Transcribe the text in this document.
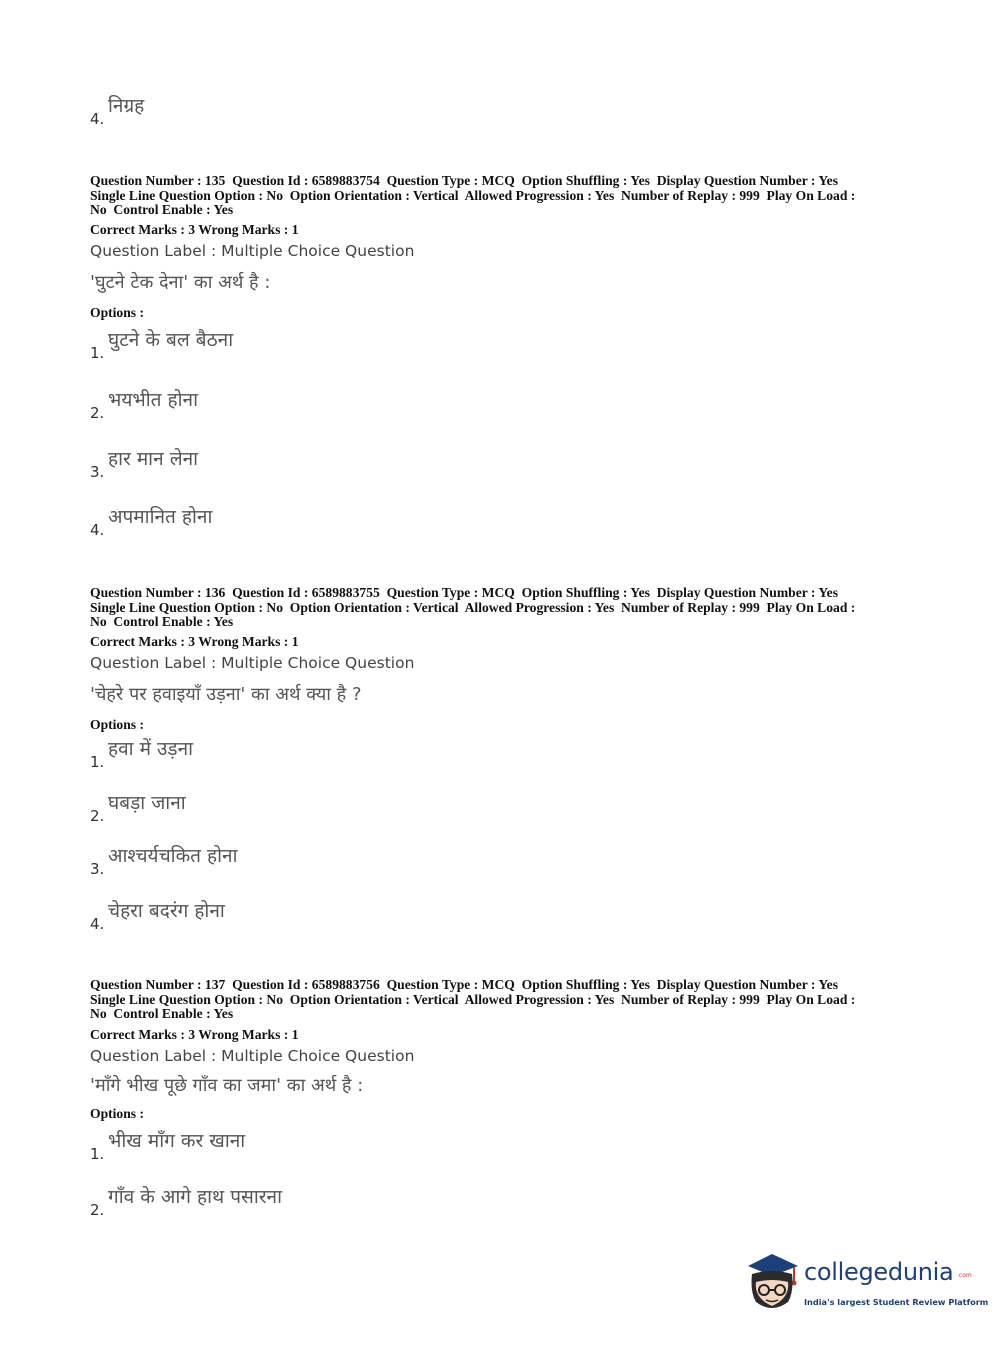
4.
निग्रह
Question Number : 135  Question Id : 6589883754  Question Type : MCQ  Option Shuffling : Yes  Display Question Number : Yes
Single Line Question Option : No  Option Orientation : Vertical  Allowed Progression : Yes  Number of Replay : 999  Play On Load :
No  Control Enable : Yes
Correct Marks : 3 Wrong Marks : 1
Question Label : Multiple Choice Question
'घुटने टेक देना' का अर्थ है :
Options :
1.
घुटने के बल बैठना
2.
भयभीत होना
3.
हार मान लेना
4.
अपमानित होना
Question Number : 136  Question Id : 6589883755  Question Type : MCQ  Option Shuffling : Yes  Display Question Number : Yes
Single Line Question Option : No  Option Orientation : Vertical  Allowed Progression : Yes  Number of Replay : 999  Play On Load :
No  Control Enable : Yes
Correct Marks : 3 Wrong Marks : 1
Question Label : Multiple Choice Question
'चेहरे पर हवाइयाँ उड़ना' का अर्थ क्या है ?
Options :
1.
हवा में उड़ना
2.
घबड़ा जाना
3.
आश्चर्यचकित होना
4.
चेहरा बदरंग होना
Question Number : 137  Question Id : 6589883756  Question Type : MCQ  Option Shuffling : Yes  Display Question Number : Yes
Single Line Question Option : No  Option Orientation : Vertical  Allowed Progression : Yes  Number of Replay : 999  Play On Load :
No  Control Enable : Yes
Correct Marks : 3 Wrong Marks : 1
Question Label : Multiple Choice Question
'माँगे भीख पूछे गाँव का जमा' का अर्थ है :
Options :
1.
भीख माँग कर खाना
2.
गाँव के आगे हाथ पसारना
collegedunia .com
India's largest Student Review Platform
